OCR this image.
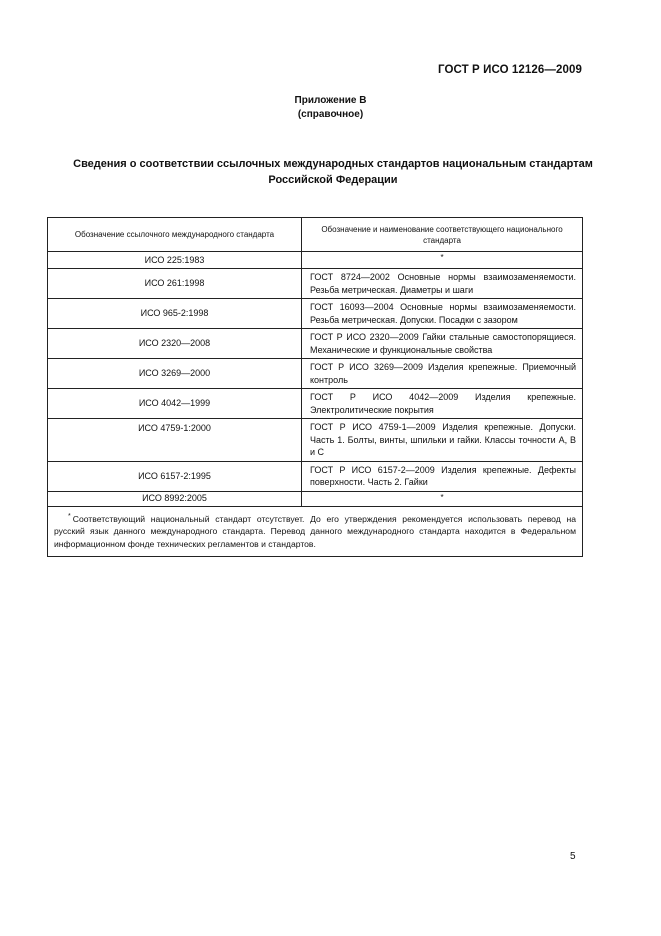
ГОСТ Р ИСО 12126—2009
Приложение В
(справочное)
Сведения о соответствии ссылочных международных стандартов национальным стандартам
Российской Федерации
Обозначение ссылочного международного стандарта	Обозначение и наименование соответствующего национального стандарта
ИСО 225:1983	*
ИСО 261:1998	ГОСТ 8724—2002 Основные нормы взаимозаменяемости. Резьба метрическая. Диаметры и шаги
ИСО 965-2:1998	ГОСТ 16093—2004 Основные нормы взаимозаменяемости. Резьба метрическая. Допуски. Посадки с зазором
ИСО 2320—2008	ГОСТ Р ИСО 2320—2009 Гайки стальные самостопорящиеся. Механические и функциональные свойства
ИСО 3269—2000	ГОСТ Р ИСО 3269—2009 Изделия крепежные. Приемочный контроль
ИСО 4042—1999	ГОСТ Р ИСО 4042—2009 Изделия крепежные. Электролитические покрытия
ИСО 4759-1:2000	ГОСТ Р ИСО 4759-1—2009 Изделия крепежные. Допуски. Часть 1. Болты, винты, шпильки и гайки. Классы точности А, В и С
ИСО 6157-2:1995	ГОСТ Р ИСО 6157-2—2009 Изделия крепежные. Дефекты поверхности. Часть 2. Гайки
ИСО 8992:2005	*
* Соответствующий национальный стандарт отсутствует. До его утверждения рекомендуется использовать перевод на русский язык данного международного стандарта. Перевод данного международного стандарта находится в Федеральном информационном фонде технических регламентов и стандартов.	
5
